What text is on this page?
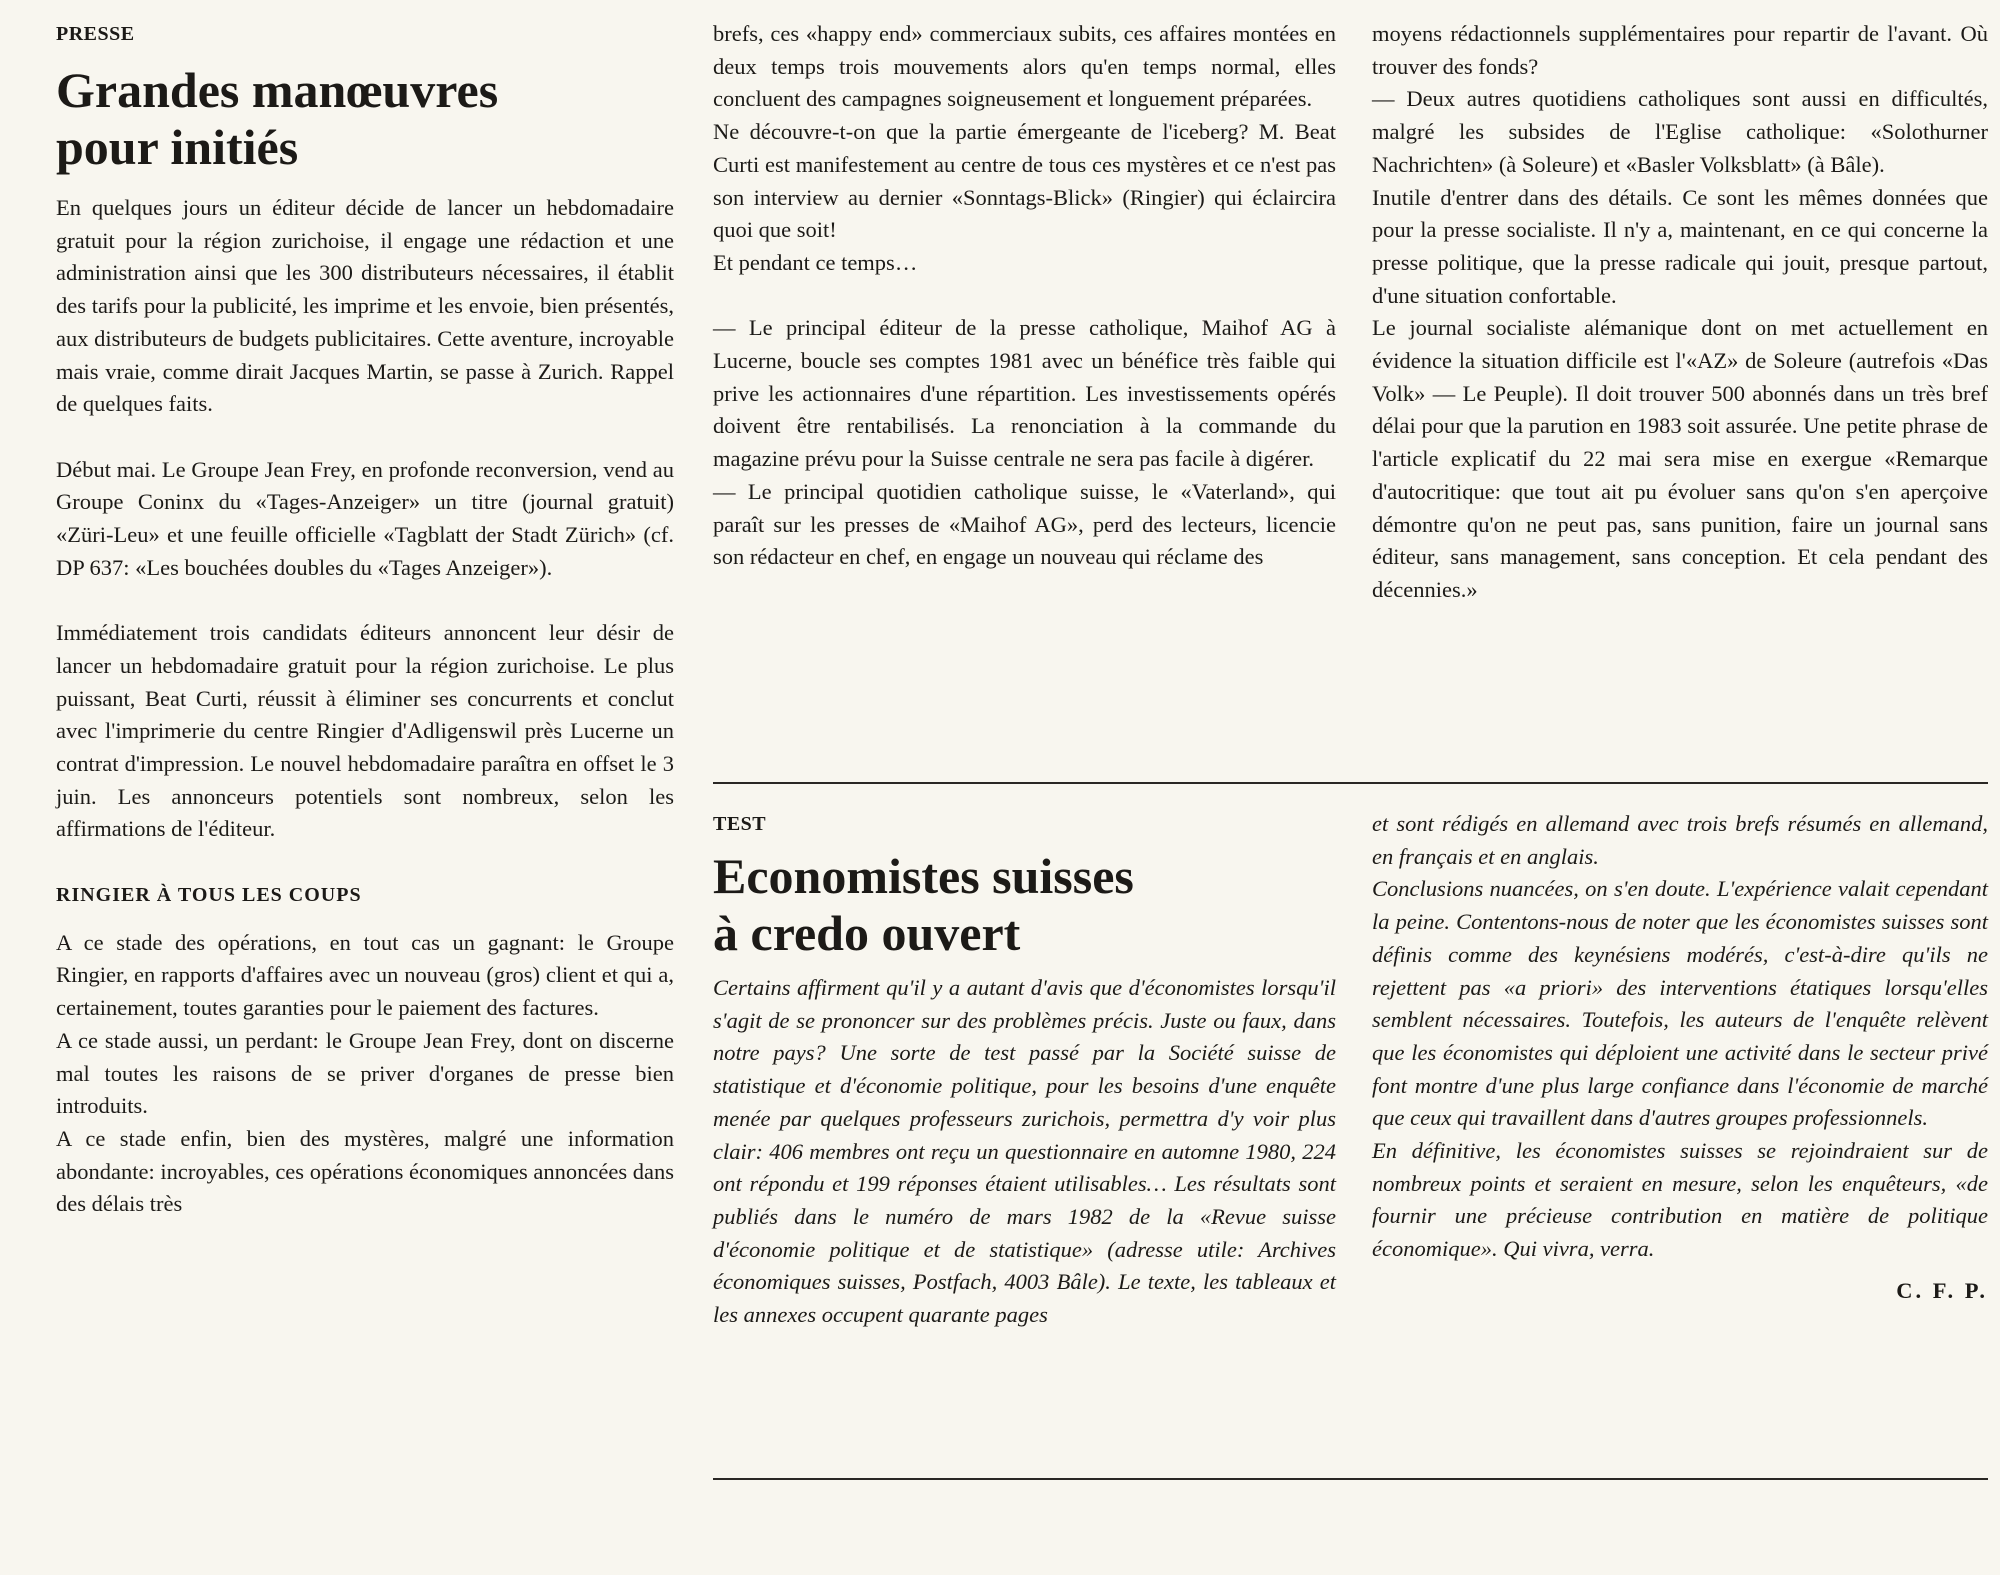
PRESSE
Grandes manœuvres
pour initiés

En quelques jours un éditeur décide de lancer un hebdomadaire gratuit pour la région zurichoise, il engage une rédaction et une administration ainsi que les 300 distributeurs nécessaires, il établit des tarifs pour la publicité, les imprime et les envoie, bien présentés, aux distributeurs de budgets publicitaires. Cette aventure, incroyable mais vraie, comme dirait Jacques Martin, se passe à Zurich. Rappel de quelques faits.

Début mai. Le Groupe Jean Frey, en profonde reconversion, vend au Groupe Coninx du «Tages-Anzeiger» un titre (journal gratuit) «Züri-Leu» et une feuille officielle «Tagblatt der Stadt Zürich» (cf. DP 637: «Les bouchées doubles du «Tages Anzeiger»).

Immédiatement trois candidats éditeurs annoncent leur désir de lancer un hebdomadaire gratuit pour la région zurichoise. Le plus puissant, Beat Curti, réussit à éliminer ses concurrents et conclut avec l'imprimerie du centre Ringier d'Adligenswil près Lucerne un contrat d'impression. Le nouvel hebdomadaire paraîtra en offset le 3 juin. Les annonceurs potentiels sont nombreux, selon les affirmations de l'éditeur.

RINGIER À TOUS LES COUPS

A ce stade des opérations, en tout cas un gagnant: le Groupe Ringier, en rapports d'affaires avec un nouveau (gros) client et qui a, certainement, toutes garanties pour le paiement des factures.

A ce stade aussi, un perdant: le Groupe Jean Frey, dont on discerne mal toutes les raisons de se priver d'organes de presse bien introduits.

A ce stade enfin, bien des mystères, malgré une information abondante: incroyables, ces opérations économiques annoncées dans des délais très

brefs, ces «happy end» commerciaux subits, ces affaires montées en deux temps trois mouvements alors qu'en temps normal, elles concluent des campagnes soigneusement et longuement préparées.

Ne découvre-t-on que la partie émergeante de l'iceberg? M. Beat Curti est manifestement au centre de tous ces mystères et ce n'est pas son interview au dernier «Sonntags-Blick» (Ringier) qui éclaircira quoi que soit!

Et pendant ce temps…

— Le principal éditeur de la presse catholique, Maihof AG à Lucerne, boucle ses comptes 1981 avec un bénéfice très faible qui prive les actionnaires d'une répartition. Les investissements opérés doivent être rentabilisés. La renonciation à la commande du magazine prévu pour la Suisse centrale ne sera pas facile à digérer.

— Le principal quotidien catholique suisse, le «Vaterland», qui paraît sur les presses de «Maihof AG», perd des lecteurs, licencie son rédacteur en chef, en engage un nouveau qui réclame des

moyens rédactionnels supplémentaires pour repartir de l'avant. Où trouver des fonds?

— Deux autres quotidiens catholiques sont aussi en difficultés, malgré les subsides de l'Eglise catholique: «Solothurner Nachrichten» (à Soleure) et «Basler Volksblatt» (à Bâle).

Inutile d'entrer dans des détails. Ce sont les mêmes données que pour la presse socialiste. Il n'y a, maintenant, en ce qui concerne la presse politique, que la presse radicale qui jouit, presque partout, d'une situation confortable.

Le journal socialiste alémanique dont on met actuellement en évidence la situation difficile est l'«AZ» de Soleure (autrefois «Das Volk» — Le Peuple). Il doit trouver 500 abonnés dans un très bref délai pour que la parution en 1983 soit assurée. Une petite phrase de l'article explicatif du 22 mai sera mise en exergue «Remarque d'autocritique: que tout ait pu évoluer sans qu'on s'en aperçoive démontre qu'on ne peut pas, sans punition, faire un journal sans éditeur, sans management, sans conception. Et cela pendant des décennies.»

TEST
Economistes suisses
à credo ouvert

Certains affirment qu'il y a autant d'avis que d'économistes lorsqu'il s'agit de se prononcer sur des problèmes précis. Juste ou faux, dans notre pays? Une sorte de test passé par la Société suisse de statistique et d'économie politique, pour les besoins d'une enquête menée par quelques professeurs zurichois, permettra d'y voir plus clair: 406 membres ont reçu un questionnaire en automne 1980, 224 ont répondu et 199 réponses étaient utilisables… Les résultats sont publiés dans le numéro de mars 1982 de la «Revue suisse d'économie politique et de statistique» (adresse utile: Archives économiques suisses, Postfach, 4003 Bâle). Le texte, les tableaux et les annexes occupent quarante pages

et sont rédigés en allemand avec trois brefs résumés en allemand, en français et en anglais.

Conclusions nuancées, on s'en doute. L'expérience valait cependant la peine. Contentons-nous de noter que les économistes suisses sont définis comme des keynésiens modérés, c'est-à-dire qu'ils ne rejettent pas «a priori» des interventions étatiques lorsqu'elles semblent nécessaires. Toutefois, les auteurs de l'enquête relèvent que les économistes qui déploient une activité dans le secteur privé font montre d'une plus large confiance dans l'économie de marché que ceux qui travaillent dans d'autres groupes professionnels.

En définitive, les économistes suisses se rejoindraient sur de nombreux points et seraient en mesure, selon les enquêteurs, «de fournir une précieuse contribution en matière de politique économique». Qui vivra, verra.

C. F. P.
